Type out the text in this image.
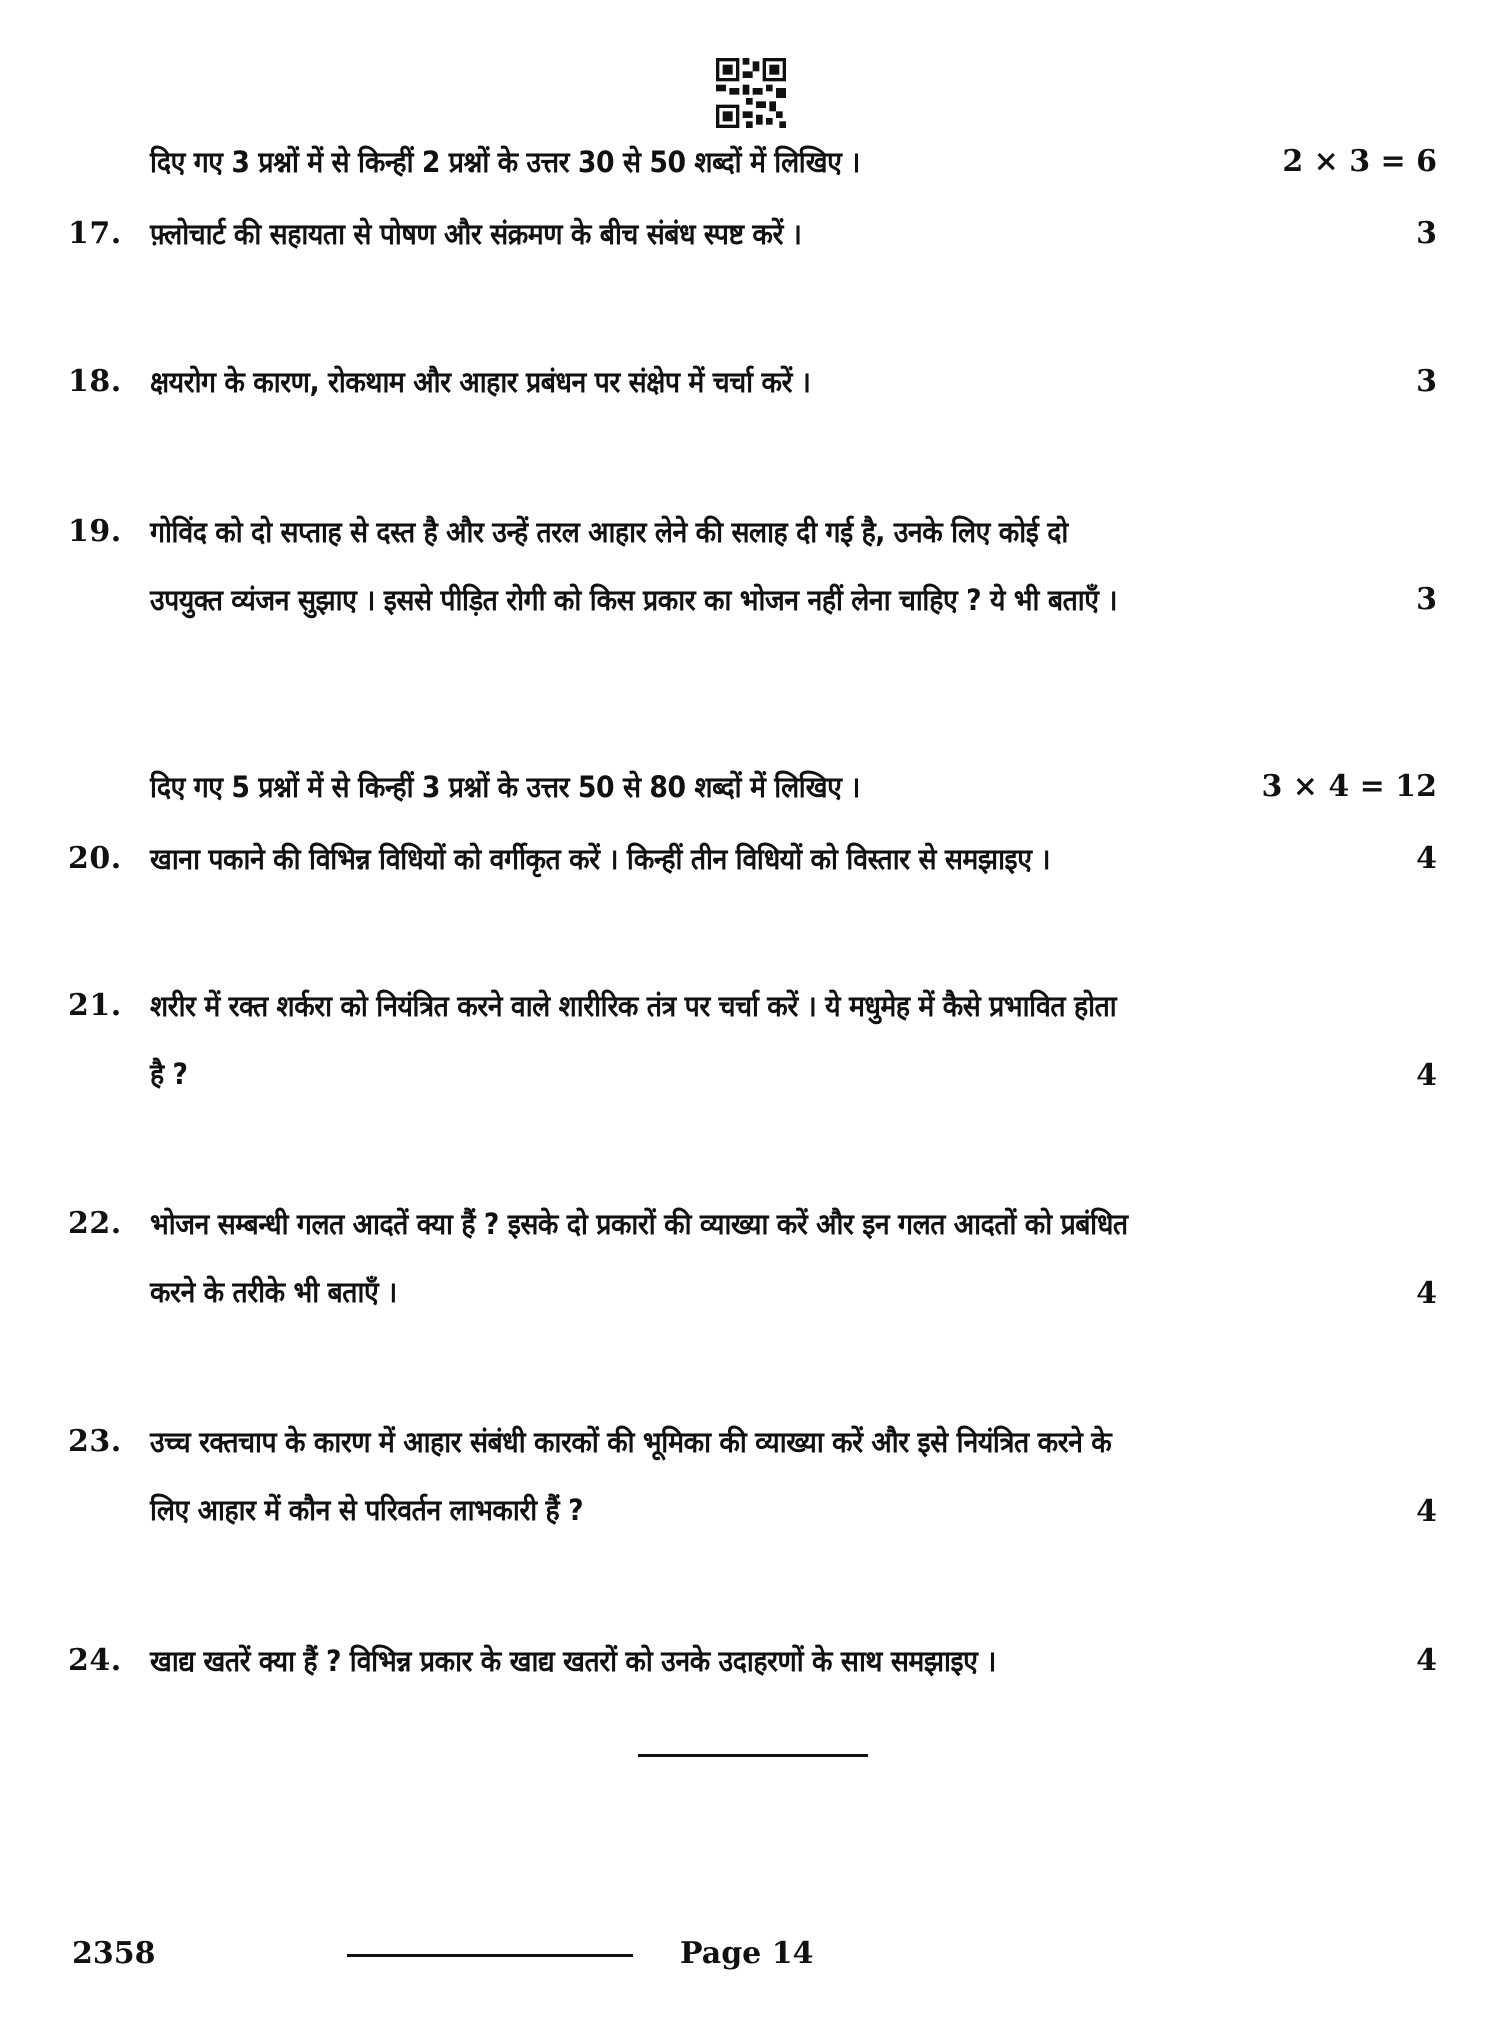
दिए गए 3 प्रश्नों में से किन्हीं 2 प्रश्नों के उत्तर 30 से 50 शब्दों में लिखिए ।	2 × 3 = 6
17. फ़्लोचार्ट की सहायता से पोषण और संक्रमण के बीच संबंध स्पष्ट करें ।	3
18. क्षयरोग के कारण, रोकथाम और आहार प्रबंधन पर संक्षेप में चर्चा करें ।	3
19. गोविंद को दो सप्ताह से दस्त है और उन्हें तरल आहार लेने की सलाह दी गई है, उनके लिए कोई दो
उपयुक्त व्यंजन सुझाए । इससे पीड़ित रोगी को किस प्रकार का भोजन नहीं लेना चाहिए ? ये भी बताएँ ।	3
दिए गए 5 प्रश्नों में से किन्हीं 3 प्रश्नों के उत्तर 50 से 80 शब्दों में लिखिए ।	3 × 4 = 12
20. खाना पकाने की विभिन्न विधियों को वर्गीकृत करें । किन्हीं तीन विधियों को विस्तार से समझाइए ।	4
21. शरीर में रक्त शर्करा को नियंत्रित करने वाले शारीरिक तंत्र पर चर्चा करें । ये मधुमेह में कैसे प्रभावित होता
है ?	4
22. भोजन सम्बन्धी गलत आदतें क्या हैं ? इसके दो प्रकारों की व्याख्या करें और इन गलत आदतों को प्रबंधित
करने के तरीके भी बताएँ ।	4
23. उच्च रक्तचाप के कारण में आहार संबंधी कारकों की भूमिका की व्याख्या करें और इसे नियंत्रित करने के
लिए आहार में कौन से परिवर्तन लाभकारी हैं ?	4
24. खाद्य खतरें क्या हैं ? विभिन्न प्रकार के खाद्य खतरों को उनके उदाहरणों के साथ समझाइए ।	4
2358	Page 14
